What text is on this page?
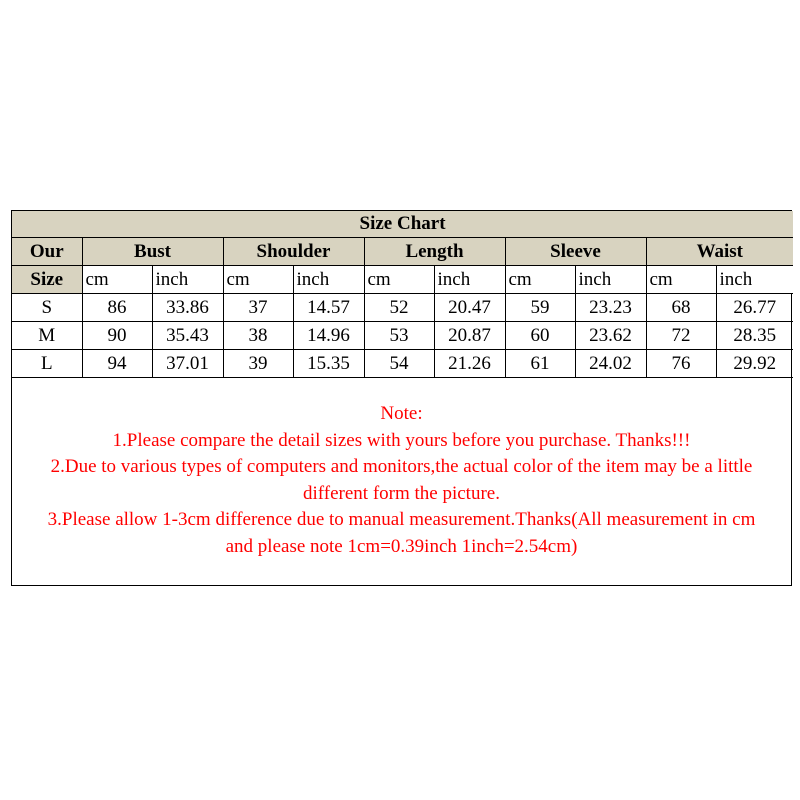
Size Chart										
Our	Bust		Shoulder		Length		Sleeve		Waist	
Size	cm	inch	cm	inch	cm	inch	cm	inch	cm	inch
S	86	33.86	37	14.57	52	20.47	59	23.23	68	26.77
M	90	35.43	38	14.96	53	20.87	60	23.62	72	28.35
L	94	37.01	39	15.35	54	21.26	61	24.02	76	29.92
Note:
1.Please compare the detail sizes with yours before you purchase. Thanks!!!
2.Due to various types of computers and monitors,the actual color of the item may be a little
different form the picture.
3.Please allow 1-3cm difference due to manual measurement.Thanks(All measurement in cm
and please note 1cm=0.39inch 1inch=2.54cm)
